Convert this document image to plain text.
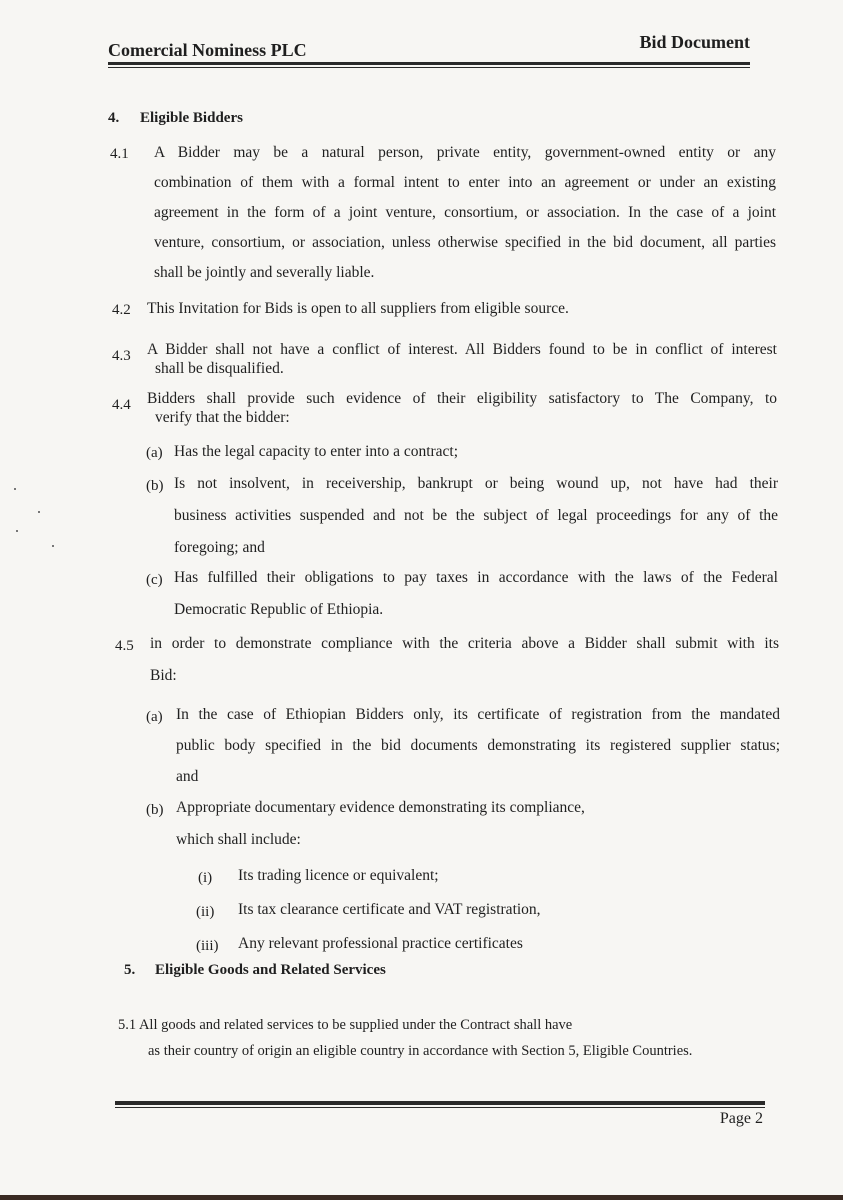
Comercial Nominess PLC	Bid Document
4. Eligible Bidders
4.1 A Bidder may be a natural person, private entity, government-owned entity or any
combination of them with a formal intent to enter into an agreement or under an existing
agreement in the form of a joint venture, consortium, or association. In the case of a joint
venture, consortium, or association, unless otherwise specified in the bid document, all parties
shall be jointly and severally liable.
4.2 This Invitation for Bids is open to all suppliers from eligible source.
4.3 A Bidder shall not have a conflict of interest. All Bidders found to be in conflict of interest
shall be disqualified.
4.4 Bidders shall provide such evidence of their eligibility satisfactory to The Company, to
verify that the bidder:
(a) Has the legal capacity to enter into a contract;
(b) Is not insolvent, in receivership, bankrupt or being wound up, not have had their
business activities suspended and not be the subject of legal proceedings for any of the
foregoing; and
(c) Has fulfilled their obligations to pay taxes in accordance with the laws of the Federal
Democratic Republic of Ethiopia.
4.5 in order to demonstrate compliance with the criteria above a Bidder shall submit with its
Bid:
(a) In the case of Ethiopian Bidders only, its certificate of registration from the mandated
public body specified in the bid documents demonstrating its registered supplier status;
and
(b) Appropriate documentary evidence demonstrating its compliance,
which shall include:
(i) Its trading licence or equivalent;
(ii) Its tax clearance certificate and VAT registration,
(iii) Any relevant professional practice certificates
5. Eligible Goods and Related Services
5.1 All goods and related services to be supplied under the Contract shall have
as their country of origin an eligible country in accordance with Section 5, Eligible Countries.
Page 2
